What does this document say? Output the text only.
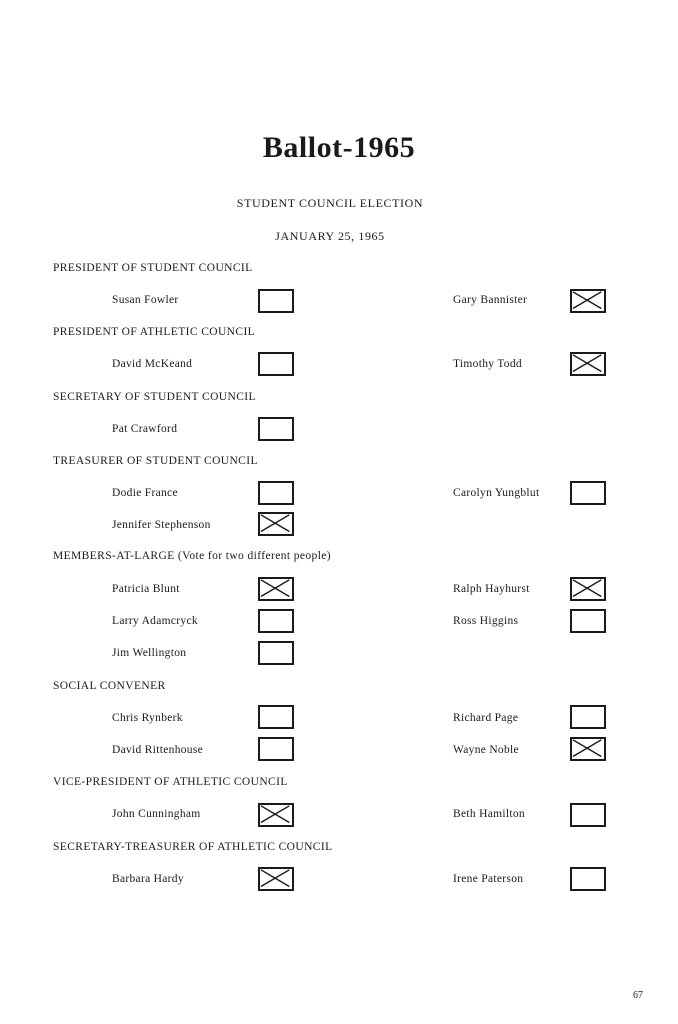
Ballot-1965
STUDENT COUNCIL ELECTION
JANUARY 25, 1965
PRESIDENT OF STUDENT COUNCIL
Susan Fowler	Gary Bannister
PRESIDENT OF ATHLETIC COUNCIL
David McKeand	Timothy Todd
SECRETARY OF STUDENT COUNCIL
Pat Crawford
TREASURER OF STUDENT COUNCIL
Dodie France	Carolyn Yungblut
Jennifer Stephenson
MEMBERS-AT-LARGE (Vote for two different people)
Patricia Blunt	Ralph Hayhurst
Larry Adamcryck	Ross Higgins
Jim Wellington
SOCIAL CONVENER
Chris Rynberk	Richard Page
David Rittenhouse	Wayne Noble
VICE-PRESIDENT OF ATHLETIC COUNCIL
John Cunningham	Beth Hamilton
SECRETARY-TREASURER OF ATHLETIC COUNCIL
Barbara Hardy	Irene Paterson
67
